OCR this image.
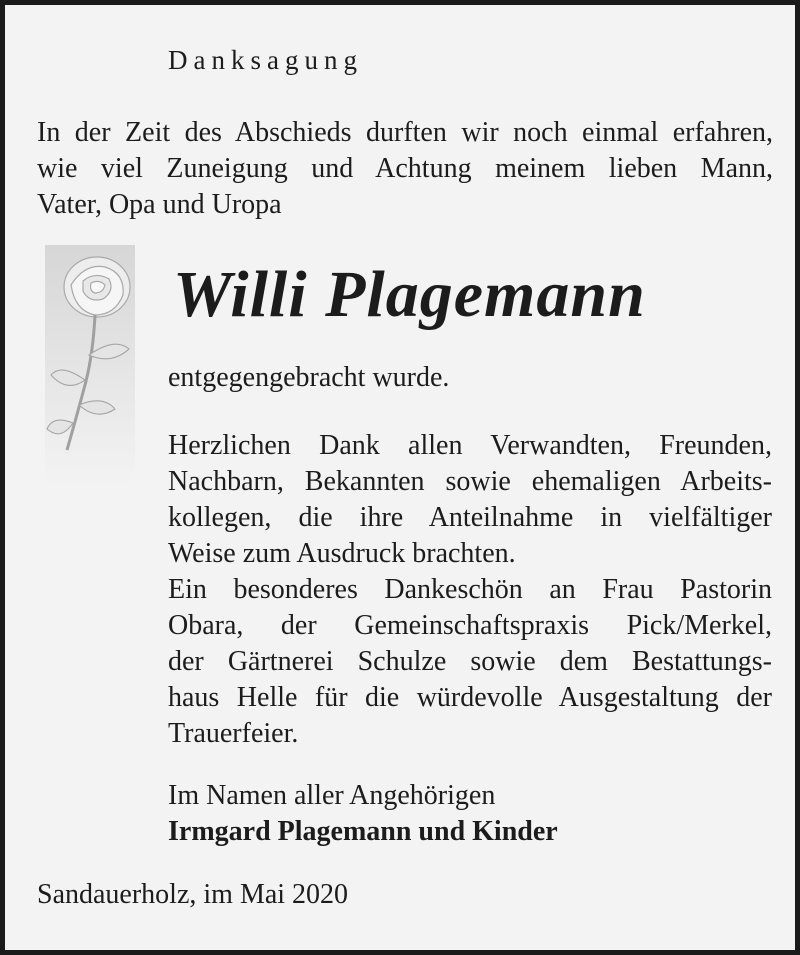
Danksagung
In der Zeit des Abschieds durften wir noch einmal erfahren,
wie viel Zuneigung und Achtung meinem lieben Mann,
Vater, Opa und Uropa
Willi Plagemann
entgegengebracht wurde.
Herzlichen Dank allen Verwandten, Freunden,
Nachbarn, Bekannten sowie ehemaligen Arbeits-
kollegen, die ihre Anteilnahme in vielfältiger
Weise zum Ausdruck brachten.
Ein besonderes Dankeschön an Frau Pastorin
Obara, der Gemeinschaftspraxis Pick/Merkel,
der Gärtnerei Schulze sowie dem Bestattungs-
haus Helle für die würdevolle Ausgestaltung der
Trauerfeier.
Im Namen aller Angehörigen
Irmgard Plagemann und Kinder
Sandauerholz, im Mai 2020
